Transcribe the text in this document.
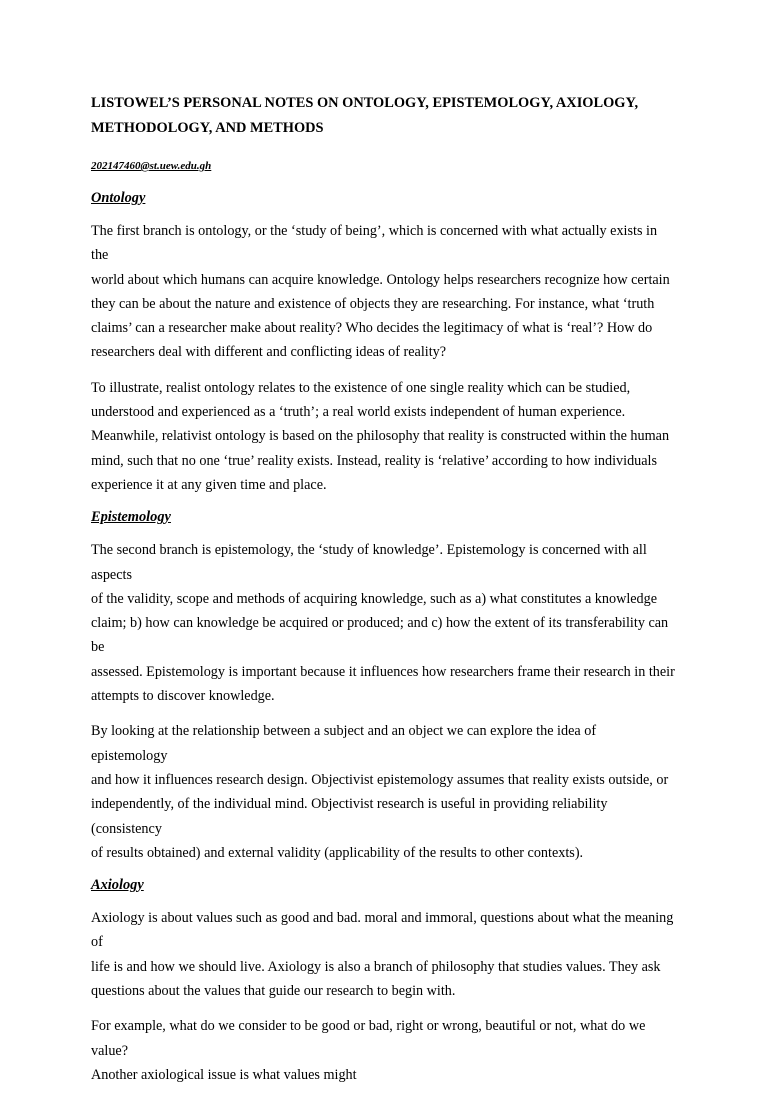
LISTOWEL’S PERSONAL NOTES ON ONTOLOGY, EPISTEMOLOGY, AXIOLOGY,
METHODOLOGY, AND METHODS
202147460@st.uew.edu.gh
Ontology

The first branch is ontology, or the ‘study of being’, which is concerned with what actually exists in the
world about which humans can acquire knowledge. Ontology helps researchers recognize how certain
they can be about the nature and existence of objects they are researching. For instance, what ‘truth
claims’ can a researcher make about reality? Who decides the legitimacy of what is ‘real’? How do
researchers deal with different and conflicting ideas of reality?

To illustrate, realist ontology relates to the existence of one single reality which can be studied,
understood and experienced as a ‘truth’; a real world exists independent of human experience.
Meanwhile, relativist ontology is based on the philosophy that reality is constructed within the human
mind, such that no one ‘true’ reality exists. Instead, reality is ‘relative’ according to how individuals
experience it at any given time and place.

Epistemology

The second branch is epistemology, the ‘study of knowledge’. Epistemology is concerned with all aspects
of the validity, scope and methods of acquiring knowledge, such as a) what constitutes a knowledge
claim; b) how can knowledge be acquired or produced; and c) how the extent of its transferability can be
assessed. Epistemology is important because it influences how researchers frame their research in their
attempts to discover knowledge.

By looking at the relationship between a subject and an object we can explore the idea of epistemology
and how it influences research design. Objectivist epistemology assumes that reality exists outside, or
independently, of the individual mind. Objectivist research is useful in providing reliability (consistency
of results obtained) and external validity (applicability of the results to other contexts).

Axiology

Axiology is about values such as good and bad. moral and immoral, questions about what the meaning of
life is and how we should live. Axiology is also a branch of philosophy that studies values. They ask
questions about the values that guide our research to begin with.

For example, what do we consider to be good or bad, right or wrong, beautiful or not, what do we value?
Another axiological issue is what values might
